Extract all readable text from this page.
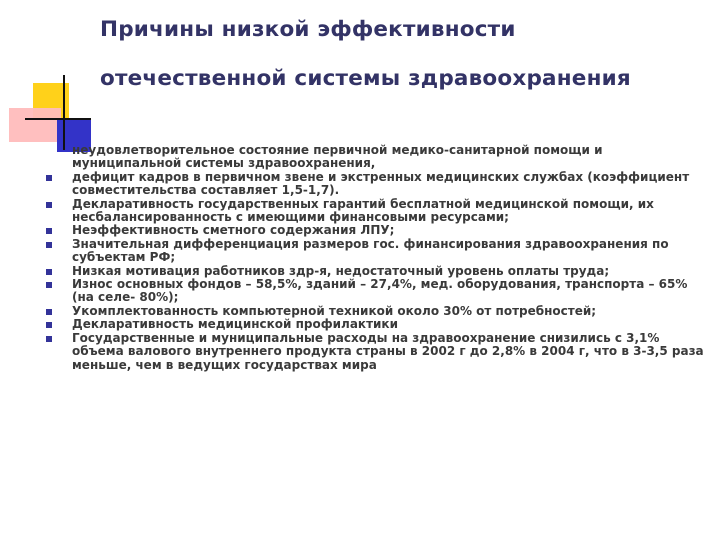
Причины низкой эффективности
отечественной системы здравоохранения
неудовлетворительное состояние первичной медико-санитарной помощи и муниципальной системы здравоохранения,
дефицит кадров в первичном звене и экстренных медицинских службах (коэффициент совместительства составляет 1,5-1,7).
Декларативность государственных гарантий бесплатной медицинской помощи, их несбалансированность с имеющими финансовыми ресурсами;
Неэффективность сметного содержания ЛПУ;
Значительная дифференциация размеров гос. финансирования здравоохранения по субъектам РФ;
Низкая мотивация работников здр-я, недостаточный уровень оплаты труда;
Износ основных фондов – 58,5%, зданий – 27,4%, мед. оборудования, транспорта – 65% (на селе- 80%);
Укомплектованность компьютерной техникой около 30% от потребностей;
Декларативность медицинской профилактики
Государственные и муниципальные расходы на здравоохранение снизились с 3,1% объема валового внутреннего продукта страны в 2002 г до 2,8% в 2004 г, что в 3-3,5 раза меньше, чем в ведущих государствах мира
